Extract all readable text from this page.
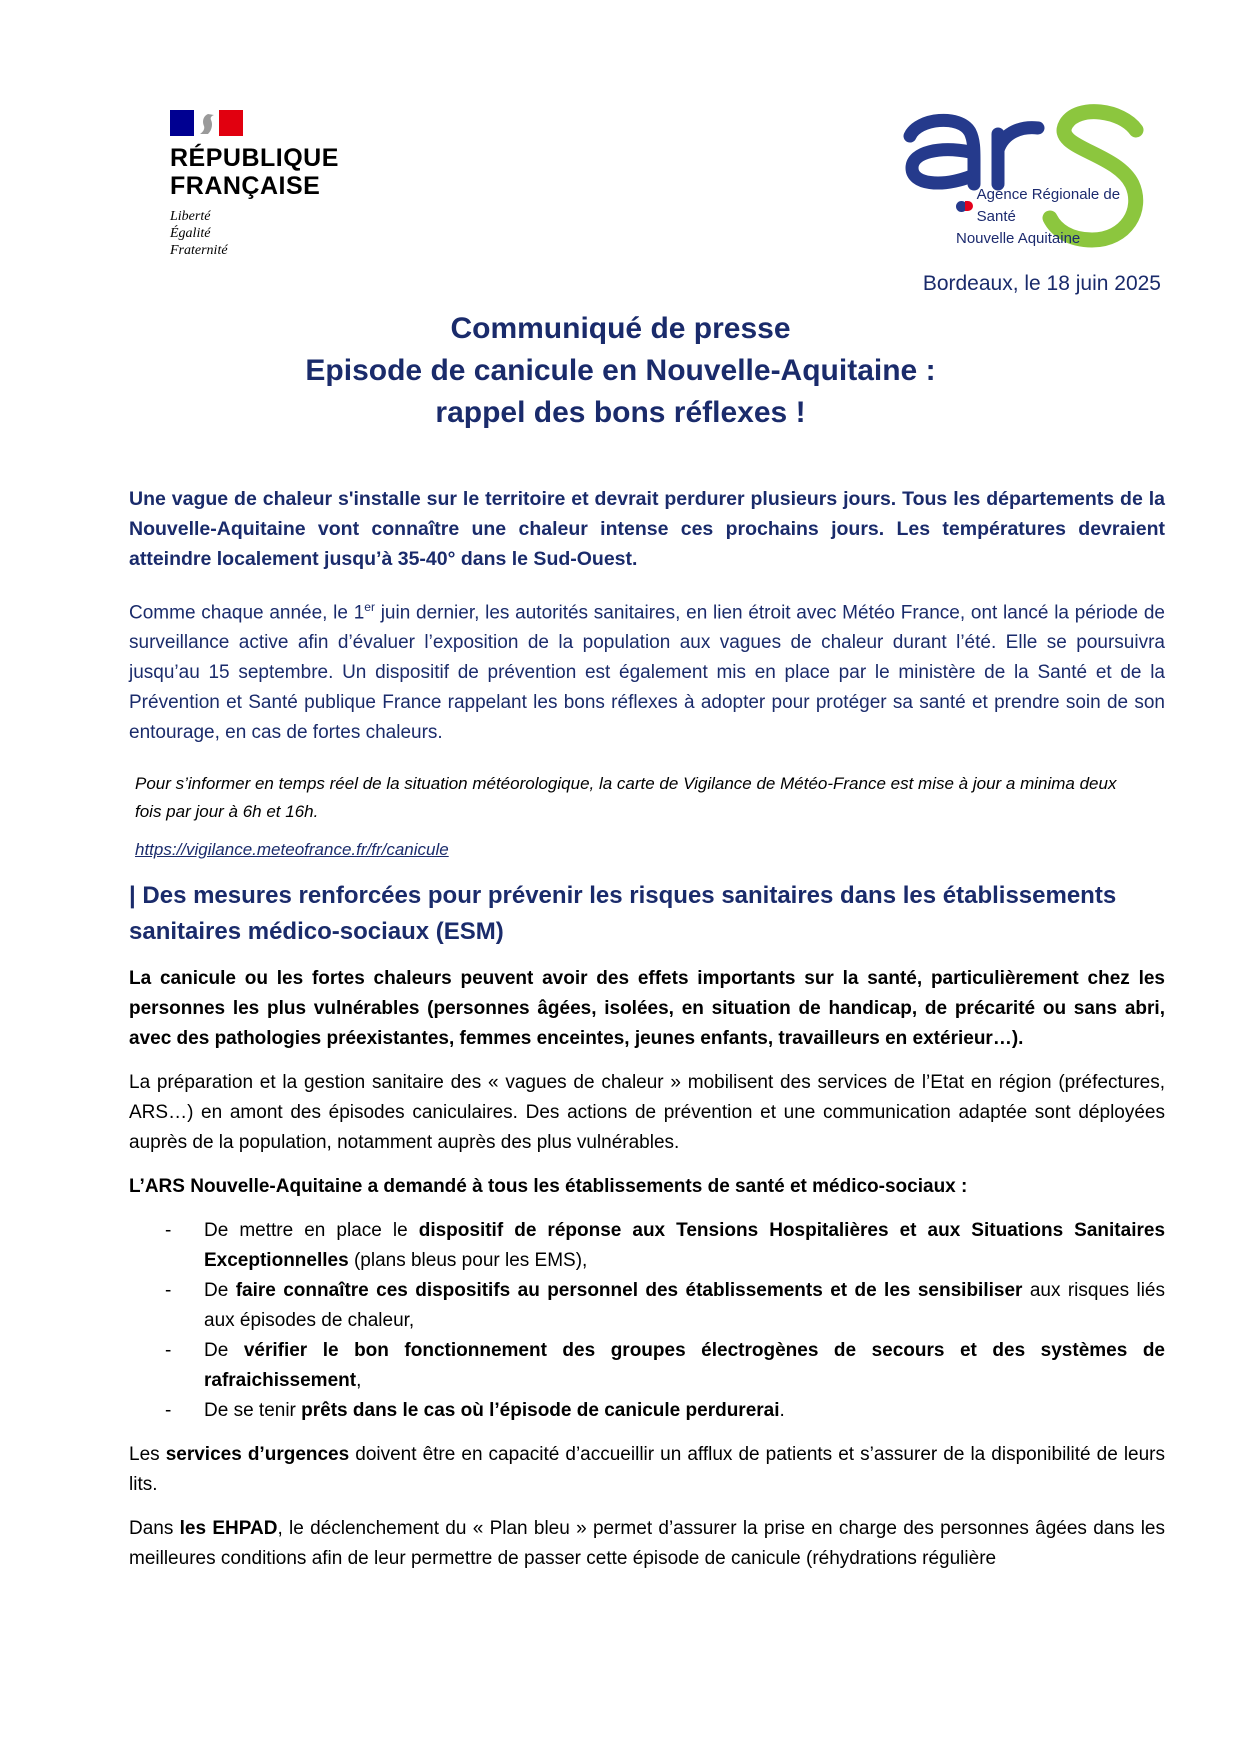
RÉPUBLIQUE
FRANÇAISE
Liberté
Égalité
Fraternité
Agence Régionale de Santé
Nouvelle Aquitaine
Bordeaux, le 18 juin 2025
Communiqué de presse
Episode de canicule en Nouvelle-Aquitaine :
rappel des bons réflexes !

Une vague de chaleur s'installe sur le territoire et devrait perdurer plusieurs jours. Tous les départements de la Nouvelle-Aquitaine vont connaître une chaleur intense ces prochains jours. Les températures devraient atteindre localement jusqu’à 35-40° dans le Sud-Ouest.

Comme chaque année, le 1er juin dernier, les autorités sanitaires, en lien étroit avec Météo France, ont lancé la période de surveillance active afin d’évaluer l’exposition de la population aux vagues de chaleur durant l’été. Elle se poursuivra jusqu’au 15 septembre. Un dispositif de prévention est également mis en place par le ministère de la Santé et de la Prévention et Santé publique France rappelant les bons réflexes à adopter pour protéger sa santé et prendre soin de son entourage, en cas de fortes chaleurs.

Pour s’informer en temps réel de la situation météorologique, la carte de Vigilance de Météo-France est mise à jour a minima deux fois par jour à 6h et 16h.

https://vigilance.meteofrance.fr/fr/canicule

| Des mesures renforcées pour prévenir les risques sanitaires dans les établissements sanitaires médico-sociaux (ESM)

La canicule ou les fortes chaleurs peuvent avoir des effets importants sur la santé, particulièrement chez les personnes les plus vulnérables (personnes âgées, isolées, en situation de handicap, de précarité ou sans abri, avec des pathologies préexistantes, femmes enceintes, jeunes enfants, travailleurs en extérieur…).

La préparation et la gestion sanitaire des « vagues de chaleur » mobilisent des services de l’Etat en région (préfectures, ARS…) en amont des épisodes caniculaires. Des actions de prévention et une communication adaptée sont déployées auprès de la population, notamment auprès des plus vulnérables.

L’ARS Nouvelle-Aquitaine a demandé à tous les établissements de santé et médico-sociaux :

- De mettre en place le dispositif de réponse aux Tensions Hospitalières et aux Situations Sanitaires Exceptionnelles (plans bleus pour les EMS),
- De faire connaître ces dispositifs au personnel des établissements et de les sensibiliser aux risques liés aux épisodes de chaleur,
- De vérifier le bon fonctionnement des groupes électrogènes de secours et des systèmes de rafraichissement,
- De se tenir prêts dans le cas où l’épisode de canicule perdurerai.

Les services d’urgences doivent être en capacité d’accueillir un afflux de patients et s’assurer de la disponibilité de leurs lits.

Dans les EHPAD, le déclenchement du « Plan bleu » permet d’assurer la prise en charge des personnes âgées dans les meilleures conditions afin de leur permettre de passer cette épisode de canicule (réhydrations régulière
